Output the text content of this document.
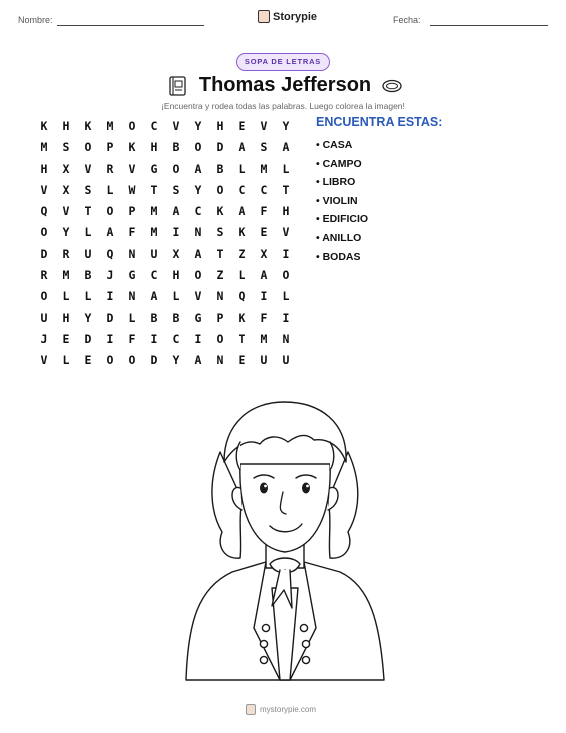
Nombre:	Storypie	Fecha:
SOPA DE LETRAS
Thomas Jefferson
¡Encuentra y rodea todas las palabras. Luego colorea la imagen!
K	H	K	M	O	C	V	Y	H	E	V	Y
M	S	O	P	K	H	B	O	D	A	S	A
H	X	V	R	V	G	O	A	B	L	M	L
V	X	S	L	W	T	S	Y	O	C	C	T
Q	V	T	O	P	M	A	C	K	A	F	H
O	Y	L	A	F	M	I	N	S	K	E	V
D	R	U	Q	N	U	X	A	T	Z	X	I
R	M	B	J	G	C	H	O	Z	L	A	O
O	L	L	I	N	A	L	V	N	Q	I	L
U	H	Y	D	L	B	B	G	P	K	F	I
J	E	D	I	F	I	C	I	O	T	M	N
V	L	E	O	O	D	Y	A	N	E	U	U
ENCUENTRA ESTAS:
• CASA
• CAMPO
• LIBRO
• VIOLIN
• EDIFICIO
• ANILLO
• BODAS
mystorypie.com
